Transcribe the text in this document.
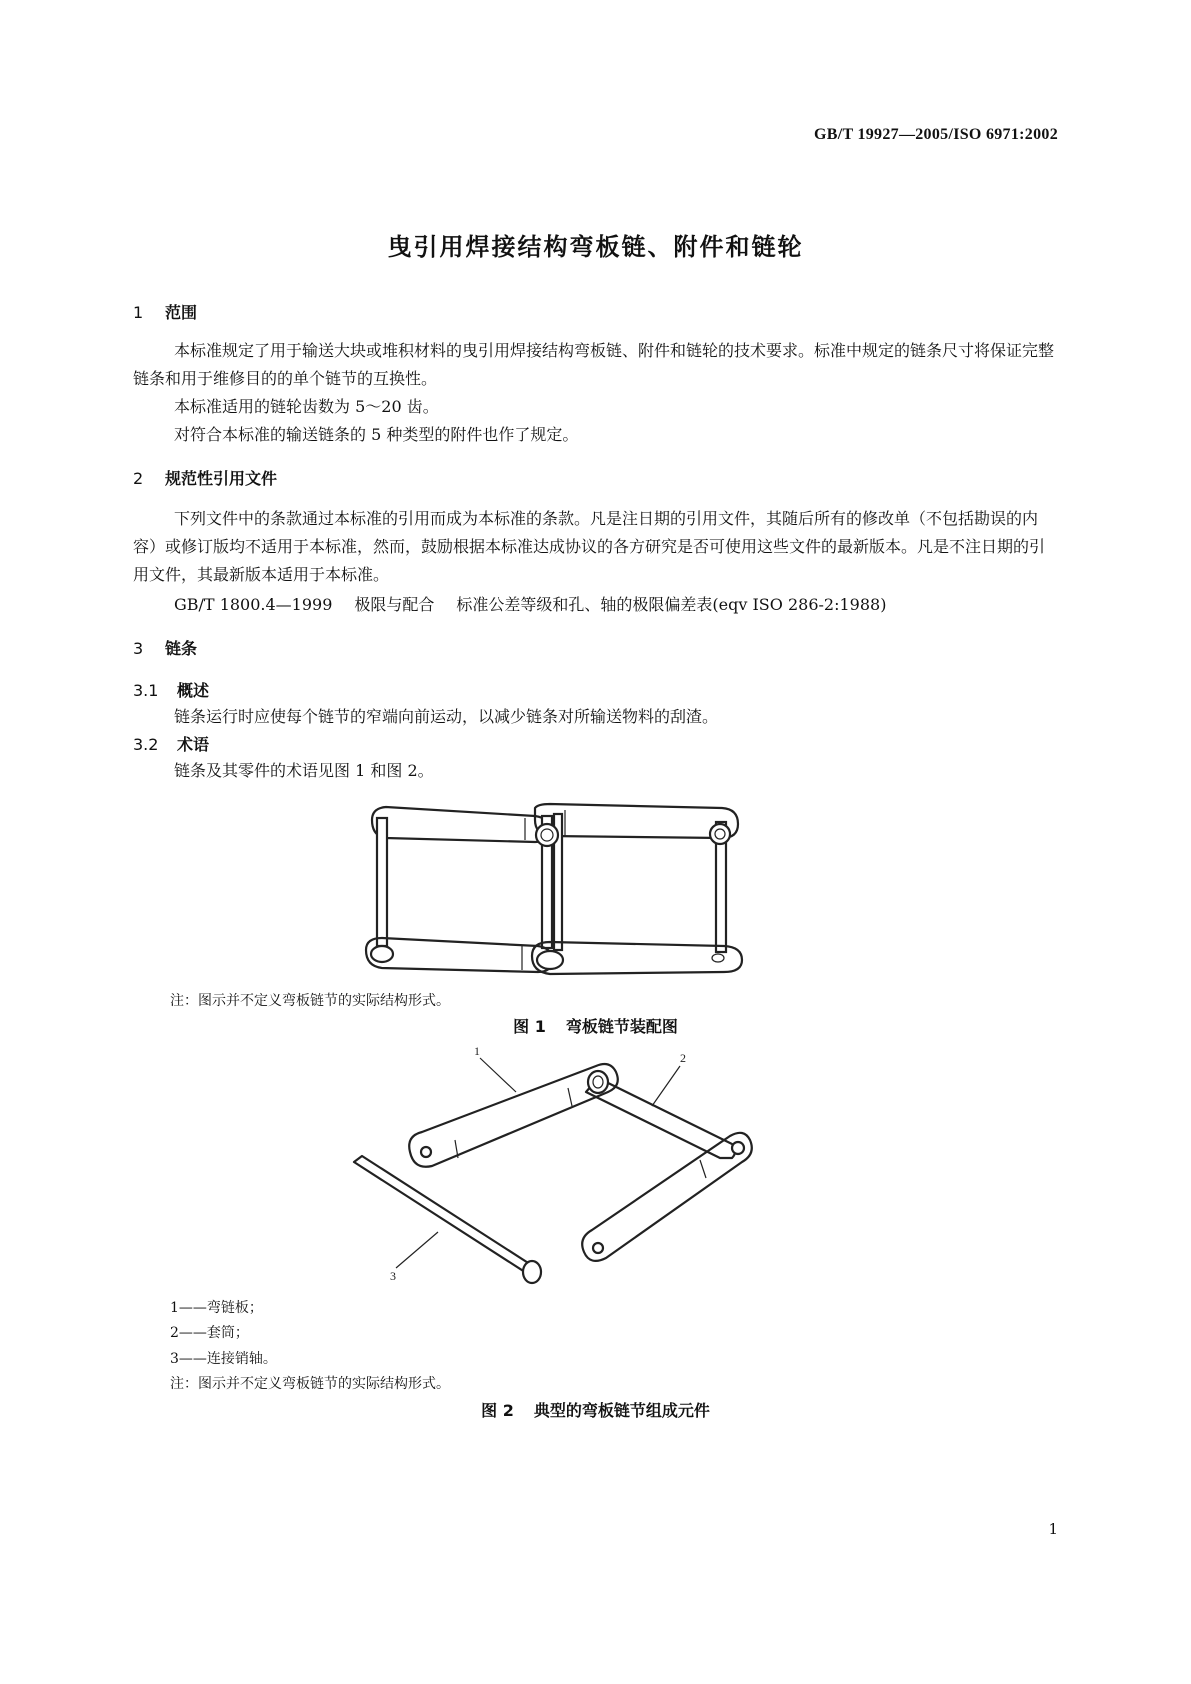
GB/T 19927—2005/ISO 6971:2002
曳引用焊接结构弯板链、附件和链轮
1 范围

本标准规定了用于输送大块或堆积材料的曳引用焊接结构弯板链、附件和链轮的技术要求。标准中规定的链条尺寸将保证完整链条和用于维修目的的单个链节的互换性。

本标准适用的链轮齿数为 5～20 齿。

对符合本标准的输送链条的 5 种类型的附件也作了规定。

2 规范性引用文件

下列文件中的条款通过本标准的引用而成为本标准的条款。凡是注日期的引用文件，其随后所有的修改单（不包括勘误的内容）或修订版均不适用于本标准，然而，鼓励根据本标准达成协议的各方研究是否可使用这些文件的最新版本。凡是不注日期的引用文件，其最新版本适用于本标准。

GB/T 1800.4—1999 极限与配合 标准公差等级和孔、轴的极限偏差表(eqv ISO 286-2:1988)
3 链条
3.1 概述

链条运行时应使每个链节的窄端向前运动，以减少链条对所输送物料的刮渣。

3.2 术语

链条及其零件的术语见图 1 和图 2。

注：图示并不定义弯板链节的实际结构形式。
图 1 弯板链节装配图
1	2
3
1——弯链板；
2——套筒；
3——连接销轴。
注：图示并不定义弯板链节的实际结构形式。
图 2 典型的弯板链节组成元件
1
